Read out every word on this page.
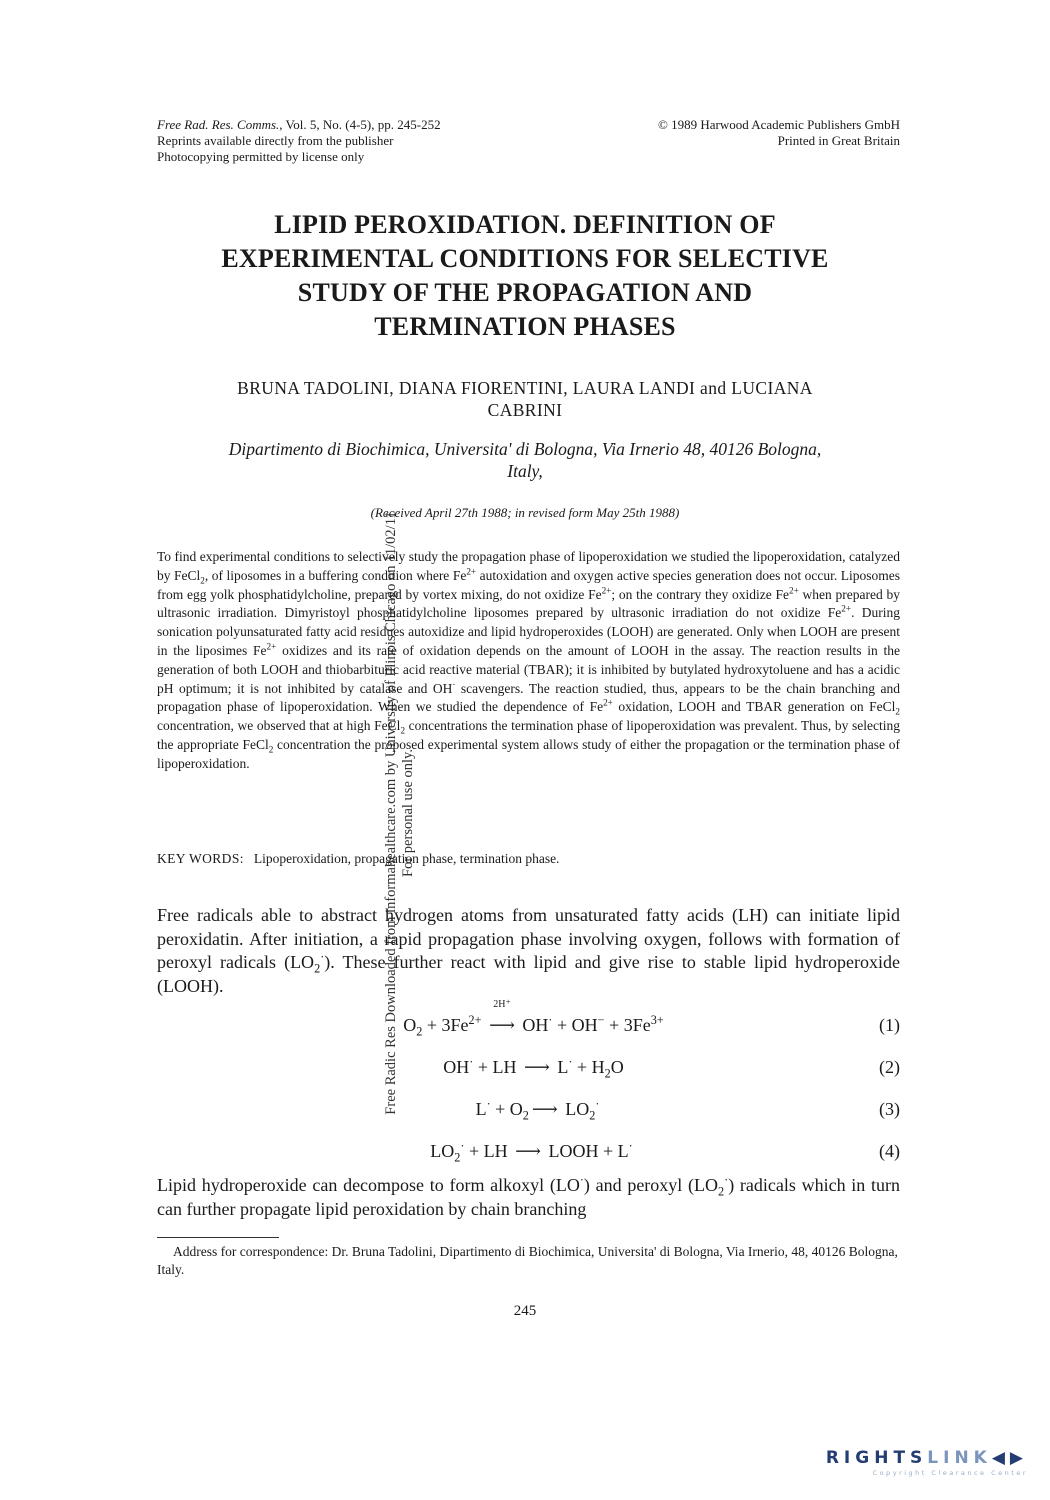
Free Radic Res Downloaded from informahealthcare.com by University of Illinois Chicago on 11/02/11 For personal use only.
Free Rad. Res. Comms., Vol. 5, No. (4-5), pp. 245-252
Reprints available directly from the publisher
Photocopying permitted by license only
© 1989 Harwood Academic Publishers GmbH
Printed in Great Britain
LIPID PEROXIDATION. DEFINITION OF
EXPERIMENTAL CONDITIONS FOR SELECTIVE
STUDY OF THE PROPAGATION AND
TERMINATION PHASES
BRUNA TADOLINI, DIANA FIORENTINI, LAURA LANDI and LUCIANA
CABRINI
Dipartimento di Biochimica, Universita' di Bologna, Via Irnerio 48, 40126 Bologna,
Italy,
(Received April 27th 1988; in revised form May 25th 1988)

To find experimental conditions to selectively study the propagation phase of lipoperoxidation we studied the lipoperoxidation, catalyzed by FeCl$_2$, of liposomes in a buffering condition where $Fe^{2+}$ autoxidation and oxygen active species generation does not occur. Liposomes from egg yolk phosphatidylcholine, prepared by vortex mixing, do not oxidize $Fe^{2+}$; on the contrary they oxidize $Fe^{2+}$ when prepared by ultrasonic irradiation. Dimyristoyl phosphatidylcholine liposomes prepared by ultrasonic irradiation do not oxidize $Fe^{2+}$. During sonication polyunsaturated fatty acid residues autoxidize and lipid hydroperoxides (LOOH) are generated. Only when LOOH are present in the liposimes $Fe^{2+}$ oxidizes and its rate of oxidation depends on the amount of LOOH in the assay. The reaction results in the generation of both LOOH and thiobarbituric acid reactive material (TBAR); it is inhibited by butylated hydroxytoluene and has a acidic pH optimum; it is not inhibited by catalase and OH· scavengers. The reaction studied, thus, appears to be the chain branching and propagation phase of lipoperoxidation. When we studied the dependence of $Fe^{2+}$ oxidation, LOOH and TBAR generation on FeCl$_2$ concentration, we observed that at high FeCl$_2$ concentrations the termination phase of lipoperoxidation was prevalent. Thus, by selecting the appropriate FeCl$_2$ concentration the proposed experimental system allows study of either the propagation or the termination phase of lipoperoxidation.

KEY WORDS: Lipoperoxidation, propagation phase, termination phase.

Free radicals able to abstract hydrogen atoms from unsaturated fatty acids (LH) can initiate lipid peroxidatin. After initiation, a rapid propagation phase involving oxygen, follows with formation of peroxyl radicals $(LO_2^\cdot)$. These further react with lipid and give rise to stable lipid hydroperoxide (LOOH).

$O_2 + 3Fe^{2+}$
2H⁺
⟶ $OH^\cdot + OH^- + 3Fe^{3+}$	(1)
OH· + LH ⟶ $L^\cdot + H_2O$	(2)
$L^\cdot + O_2$ ⟶ $LO_2^\cdot$	(3)
$LO_2^\cdot$ + LH ⟶ LOOH + L·	(4)

Lipid hydroperoxide can decompose to form alkoxyl (LO·) and peroxyl $(LO_2^\cdot)$ radicals which in turn can further propagate lipid peroxidation by chain branching

Address for correspondence: Dr. Bruna Tadolini, Dipartimento di Biochimica, Universita' di Bologna, Via Irnerio, 48, 40126 Bologna, Italy.
245
RIGHTSLINK◀▶
Copyright Clearance Center
